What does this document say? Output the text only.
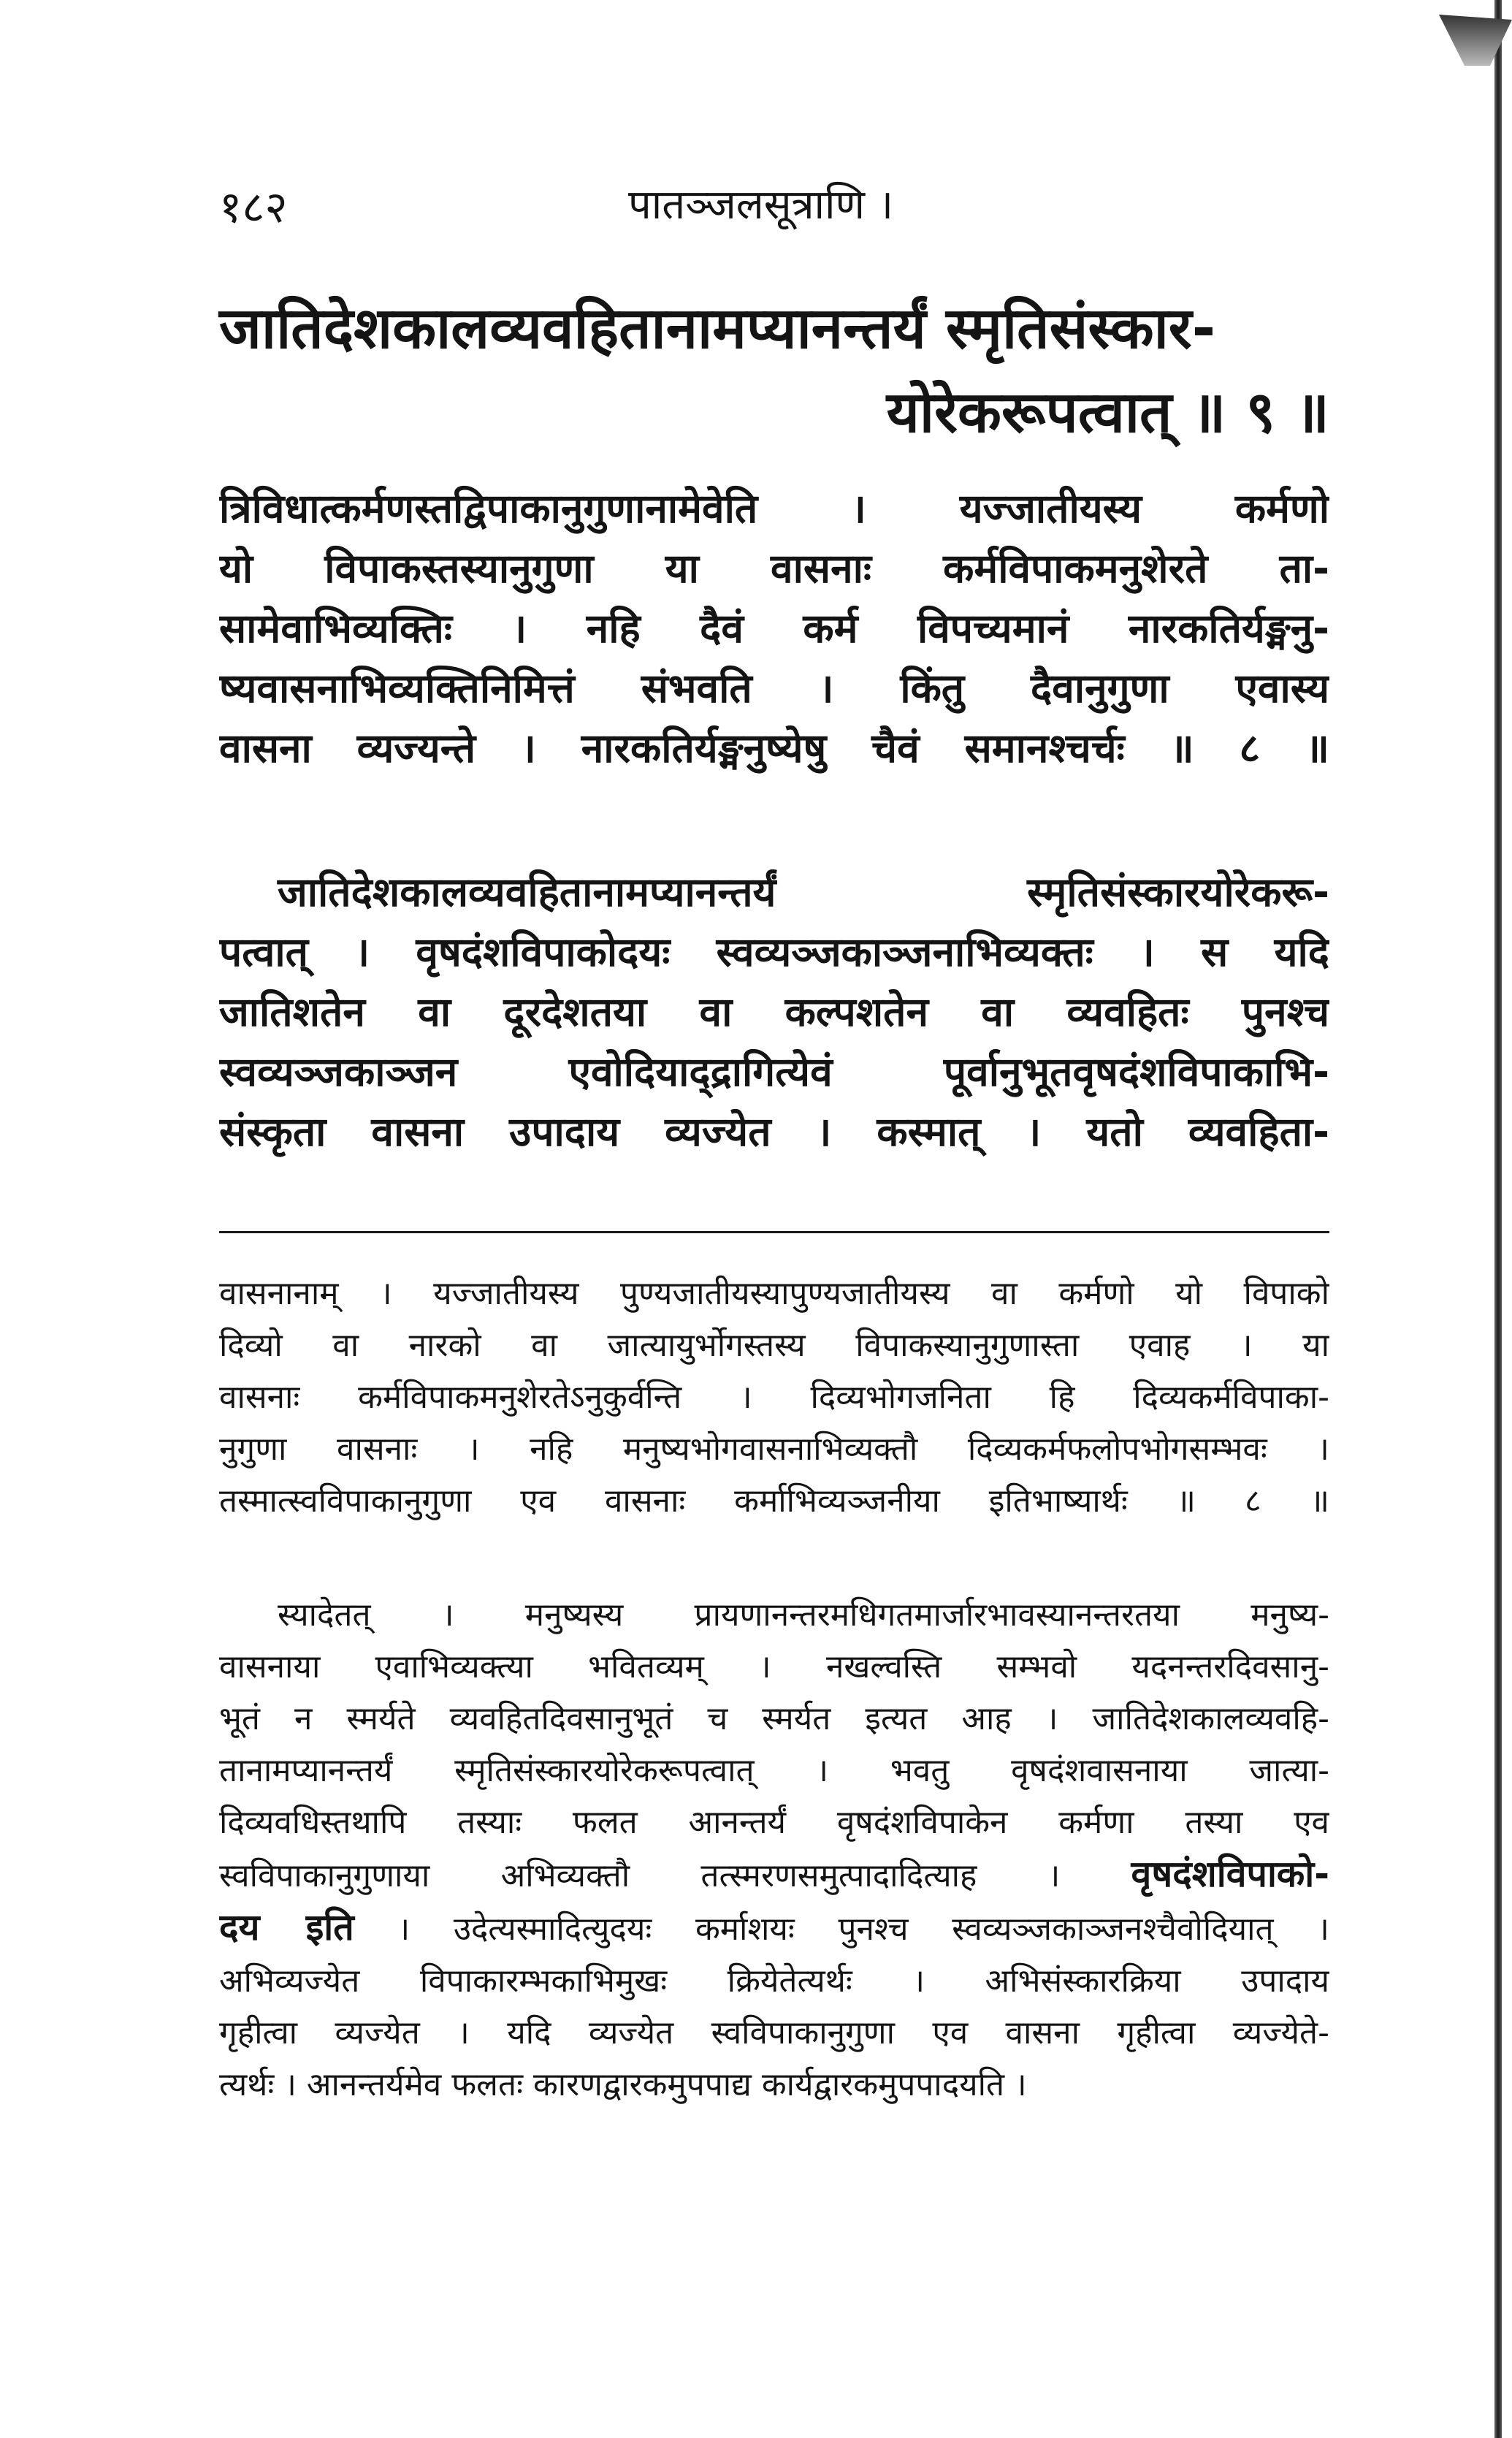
१८२	पातञ्जलसूत्राणि ।
जातिदेशकालव्यवहितानामप्यानन्तर्यं स्मृतिसंस्कार-
योरेकरूपत्वात् ॥ ९ ॥
त्रिविधात्कर्मणस्तद्विपाकानुगुणानामेवेति । यज्जातीयस्य कर्मणो
यो विपाकस्तस्यानुगुणा या वासनाः कर्मविपाकमनुशेरते ता-
सामेवाभिव्यक्तिः । नहि दैवं कर्म विपच्यमानं नारकतिर्यङ्मनु-
ष्यवासनाभिव्यक्तिनिमित्तं संभवति । किंतु दैवानुगुणा एवास्य
वासना व्यज्यन्ते । नारकतिर्यङ्मनुष्येषु चैवं समानश्चर्चः ॥ ८ ॥
जातिदेशकालव्यवहितानामप्यानन्तर्यं स्मृतिसंस्कारयोरेकरू-
पत्वात् । वृषदंशविपाकोदयः स्वव्यञ्जकाञ्जनाभिव्यक्तः । स यदि
जातिशतेन वा दूरदेशतया वा कल्पशतेन वा व्यवहितः पुनश्च
स्वव्यञ्जकाञ्जन एवोदियाद्द्रागित्येवं पूर्वानुभूतवृषदंशविपाकाभि-
संस्कृता वासना उपादाय व्यज्येत । कस्मात् । यतो व्यवहिता-
वासनानाम् । यज्जातीयस्य पुण्यजातीयस्यापुण्यजातीयस्य वा कर्मणो यो विपाको
दिव्यो वा नारको वा जात्यायुर्भोगस्तस्य विपाकस्यानुगुणास्ता एवाह । या
वासनाः कर्मविपाकमनुशेरतेऽनुकुर्वन्ति । दिव्यभोगजनिता हि दिव्यकर्मविपाका-
नुगुणा वासनाः । नहि मनुष्यभोगवासनाभिव्यक्तौ दिव्यकर्मफलोपभोगसम्भवः ।
तस्मात्स्वविपाकानुगुणा एव वासनाः कर्माभिव्यञ्जनीया इतिभाष्यार्थः ॥ ८ ॥
स्यादेतत् । मनुष्यस्य प्रायणानन्तरमधिगतमार्जारभावस्यानन्तरतया मनुष्य-
वासनाया एवाभिव्यक्त्या भवितव्यम् । नखल्वस्ति सम्भवो यदनन्तरदिवसानु-
भूतं न स्मर्यते व्यवहितदिवसानुभूतं च स्मर्यत इत्यत आह । जातिदेशकालव्यवहि-
तानामप्यानन्तर्यं स्मृतिसंस्कारयोरेकरूपत्वात् । भवतु वृषदंशवासनाया जात्या-
दिव्यवधिस्तथापि तस्याः फलत आनन्तर्यं वृषदंशविपाकेन कर्मणा तस्या एव
स्वविपाकानुगुणाया अभिव्यक्तौ तत्स्मरणसमुत्पादादित्याह । वृषदंशविपाको-
दय इति । उदेत्यस्मादित्युदयः कर्माशयः पुनश्च स्वव्यञ्जकाञ्जनश्चैवोदियात् ।
अभिव्यज्येत विपाकारम्भकाभिमुखः क्रियेतेत्यर्थः । अभिसंस्कारक्रिया उपादाय
गृहीत्वा व्यज्येत । यदि व्यज्येत स्वविपाकानुगुणा एव वासना गृहीत्वा व्यज्येते-
त्यर्थः । आनन्तर्यमेव फलतः कारणद्वारकमुपपाद्य कार्यद्वारकमुपपादयति ।
